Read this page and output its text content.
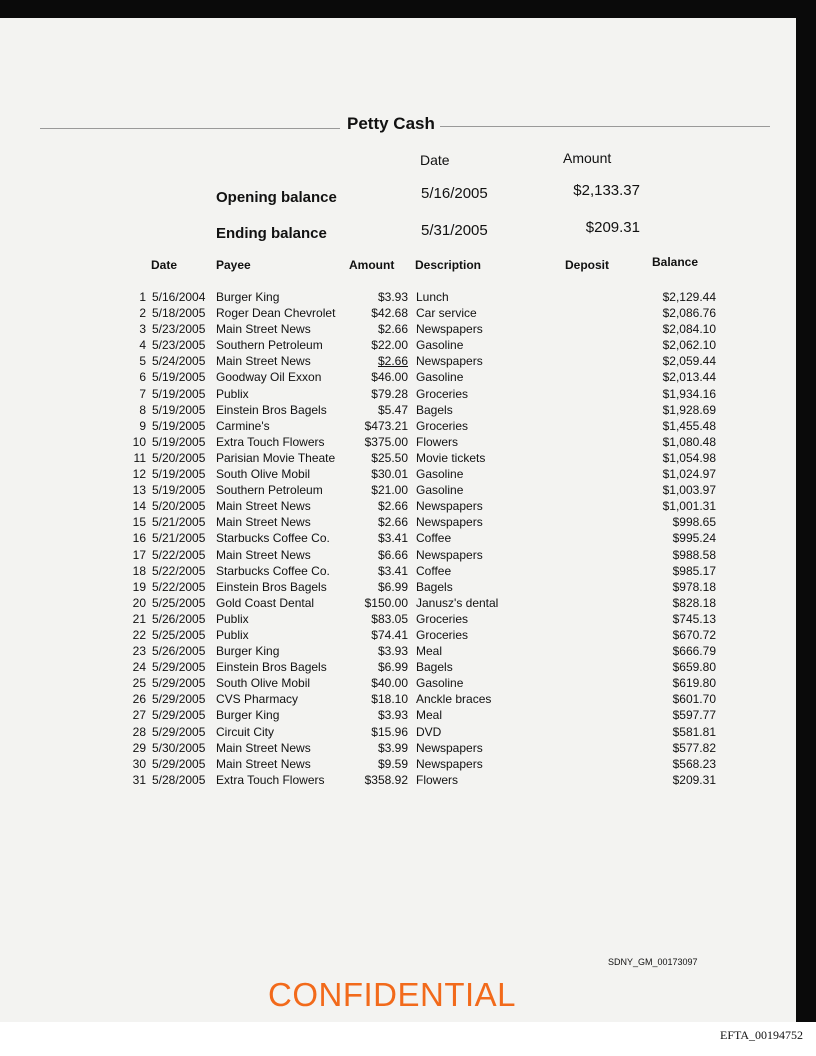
Petty Cash
Date	Amount
Opening balance	5/16/2005	$2,133.37
Ending balance	5/31/2005	$209.31
Date	Payee	Amount Description	Deposit	Balance
1 5/16/2004 Burger King	$3.93 Lunch	$2,129.44
2 5/18/2005 Roger Dean Chevrolet	$42.68 Car service	$2,086.76
3 5/23/2005 Main Street News	$2.66 Newspapers	$2,084.10
4 5/23/2005 Southern Petroleum	$22.00 Gasoline	$2,062.10
5 5/24/2005 Main Street News	$2.66 Newspapers	$2,059.44
6 5/19/2005 Goodway Oil Exxon	$46.00 Gasoline	$2,013.44
7 5/19/2005 Publix	$79.28 Groceries	$1,934.16
8 5/19/2005 Einstein Bros Bagels	$5.47 Bagels	$1,928.69
9 5/19/2005 Carmine's	$473.21 Groceries	$1,455.48
10 5/19/2005 Extra Touch Flowers	$375.00 Flowers	$1,080.48
11 5/20/2005 Parisian Movie Theate	$25.50 Movie tickets	$1,054.98
12 5/19/2005 South Olive Mobil	$30.01 Gasoline	$1,024.97
13 5/19/2005 Southern Petroleum	$21.00 Gasoline	$1,003.97
14 5/20/2005 Main Street News	$2.66 Newspapers	$1,001.31
15 5/21/2005 Main Street News	$2.66 Newspapers	$998.65
16 5/21/2005 Starbucks Coffee Co.	$3.41 Coffee	$995.24
17 5/22/2005 Main Street News	$6.66 Newspapers	$988.58
18 5/22/2005 Starbucks Coffee Co.	$3.41 Coffee	$985.17
19 5/22/2005 Einstein Bros Bagels	$6.99 Bagels	$978.18
20 5/25/2005 Gold Coast Dental	$150.00 Janusz's dental	$828.18
21 5/26/2005 Publix	$83.05 Groceries	$745.13
22 5/25/2005 Publix	$74.41 Groceries	$670.72
23 5/26/2005 Burger King	$3.93 Meal	$666.79
24 5/29/2005 Einstein Bros Bagels	$6.99 Bagels	$659.80
25 5/29/2005 South Olive Mobil	$40.00 Gasoline	$619.80
26 5/29/2005 CVS Pharmacy	$18.10 Anckle braces	$601.70
27 5/29/2005 Burger King	$3.93 Meal	$597.77
28 5/29/2005 Circuit City	$15.96 DVD	$581.81
29 5/30/2005 Main Street News	$3.99 Newspapers	$577.82
30 5/29/2005 Main Street News	$9.59 Newspapers	$568.23
31 5/28/2005 Extra Touch Flowers	$358.92 Flowers	$209.31
SDNY_GM_00173097
CONFIDENTIAL
EFTA_00194752
